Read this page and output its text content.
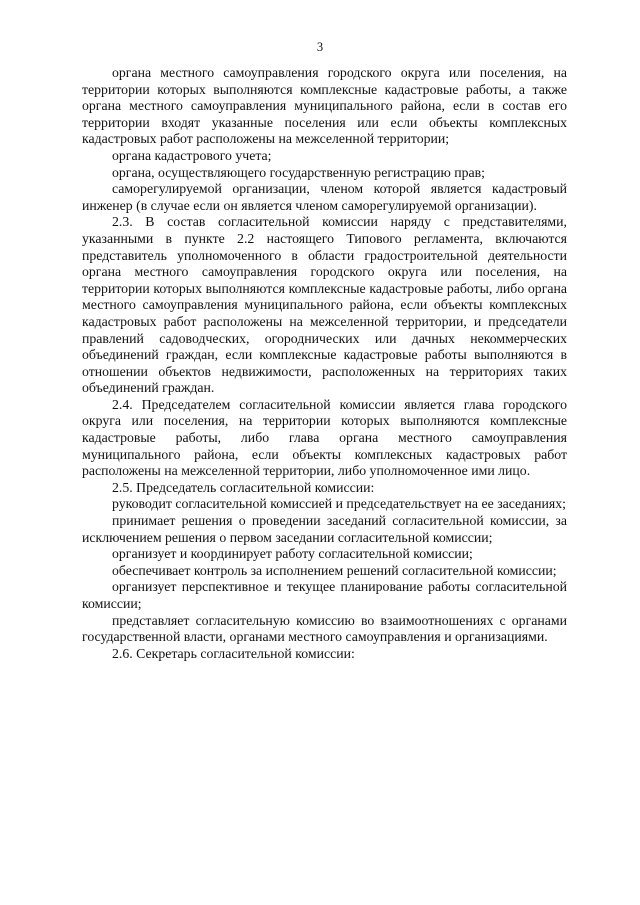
3

органа местного самоуправления городского округа или поселения, на территории которых выполняются комплексные кадастровые работы, а также органа местного самоуправления муниципального района, если в состав его территории входят указанные поселения или если объекты комплексных кадастровых работ расположены на межселенной территории;

органа кадастрового учета;

органа, осуществляющего государственную регистрацию прав;

саморегулируемой организации, членом которой является кадастровый инженер (в случае если он является членом саморегулируемой организации).

2.3. В состав согласительной комиссии наряду с представителями, указанными в пункте 2.2 настоящего Типового регламента, включаются представитель уполномоченного в области градостроительной деятельности органа местного самоуправления городского округа или поселения, на территории которых выполняются комплексные кадастровые работы, либо органа местного самоуправления муниципального района, если объекты комплексных кадастровых работ расположены на межселенной территории, и председатели правлений садоводческих, огороднических или дачных некоммерческих объединений граждан, если комплексные кадастровые работы выполняются в отношении объектов недвижимости, расположенных на территориях таких объединений граждан.

2.4. Председателем согласительной комиссии является глава городского округа или поселения, на территории которых выполняются комплексные кадастровые работы, либо глава органа местного самоуправления муниципального района, если объекты комплексных кадастровых работ расположены на межселенной территории, либо уполномоченное ими лицо.

2.5. Председатель согласительной комиссии:

руководит согласительной комиссией и председательствует на ее заседаниях;

принимает решения о проведении заседаний согласительной комиссии, за исключением решения о первом заседании согласительной комиссии;

организует и координирует работу согласительной комиссии;

обеспечивает контроль за исполнением решений согласительной комиссии;

организует перспективное и текущее планирование работы согласительной комиссии;

представляет согласительную комиссию во взаимоотношениях с органами государственной власти, органами местного самоуправления и организациями.

2.6. Секретарь согласительной комиссии:
